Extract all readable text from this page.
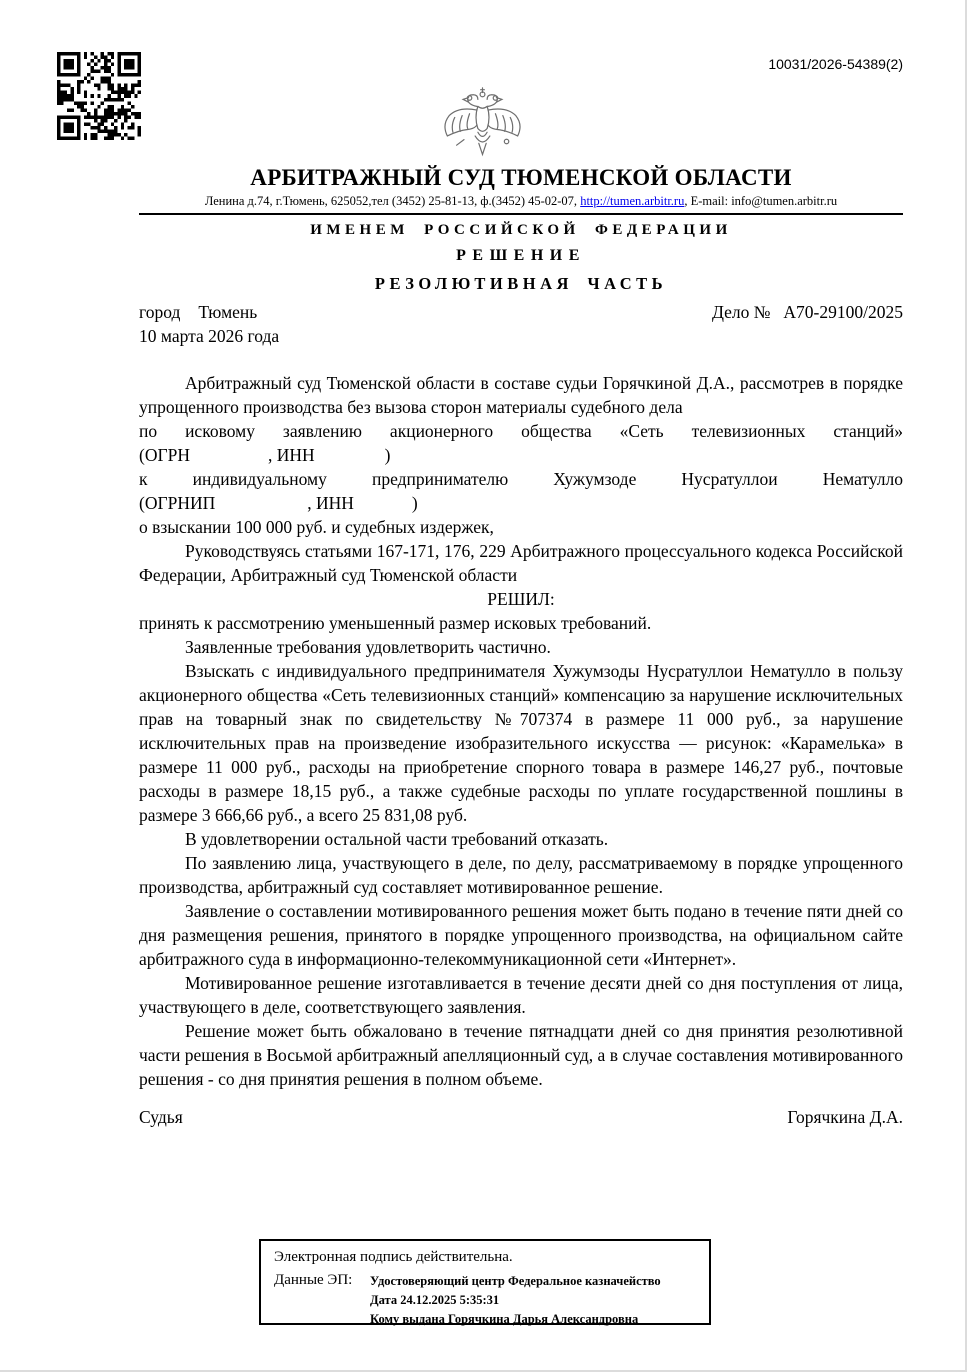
10031/2026-54389(2)
АРБИТРАЖНЫЙ СУД ТЮМЕНСКОЙ ОБЛАСТИ
Ленина д.74, г.Тюмень, 625052,тел (3452) 25-81-13, ф.(3452) 45-02-07, http://tumen.arbitr.ru, E-mail: info@tumen.arbitr.ru
ИМЕНЕМ РОССИЙСКОЙ ФЕДЕРАЦИИ
РЕШЕНИЕ
РЕЗОЛЮТИВНАЯ ЧАСТЬ
город Тюмень	Дело № А70-29100/2025
10 марта 2026 года

Арбитражный суд Тюменской области в составе судьи Горячкиной Д.А., рассмотрев в порядке упрощенного производства без вызова сторон материалы судебного дела

по исковому заявлению акционерного общества «Сеть телевизионных станций»

(ОГРН	, ИНН	)

к индивидуальному предпринимателю Хужумзоде Нусратуллои Нематулло

(ОГРНИП	, ИНН	)

о взыскании 100 000 руб. и судебных издержек,

Руководствуясь статьями 167-171, 176, 229 Арбитражного процессуального кодекса Российской Федерации, Арбитражный суд Тюменской области

РЕШИЛ:

принять к рассмотрению уменьшенный размер исковых требований.

Заявленные требования удовлетворить частично.

Взыскать с индивидуального предпринимателя Хужумзоды Нусратуллои Нематулло в пользу акционерного общества «Сеть телевизионных станций» компенсацию за нарушение исключительных прав на товарный знак по свидетельству №707374 в размере 11 000 руб., за нарушение исключительных прав на произведение изобразительного искусства — рисунок: «Карамелька» в размере 11 000 руб., расходы на приобретение спорного товара в размере 146,27 руб., почтовые расходы в размере 18,15 руб., а также судебные расходы по уплате государственной пошлины в размере 3 666,66 руб., а всего 25 831,08 руб.

В удовлетворении остальной части требований отказать.

По заявлению лица, участвующего в деле, по делу, рассматриваемому в порядке упрощенного производства, арбитражный суд составляет мотивированное решение.

Заявление о составлении мотивированного решения может быть подано в течение пяти дней со дня размещения решения, принятого в порядке упрощенного производства, на официальном сайте арбитражного суда в информационно-телекоммуникационной сети «Интернет».

Мотивированное решение изготавливается в течение десяти дней со дня поступления от лица, участвующего в деле, соответствующего заявления.

Решение может быть обжаловано в течение пятнадцати дней со дня принятия резолютивной части решения в Восьмой арбитражный апелляционный суд, а в случае составления мотивированного решения - со дня принятия решения в полном объеме.

Судья	Горячкина Д.А.
Электронная подпись действительна.
Данные ЭП:	Удостоверяющий центр Федеральное казначейство
Дата 24.12.2025 5:35:31
Кому выдана Горячкина Дарья Александровна
